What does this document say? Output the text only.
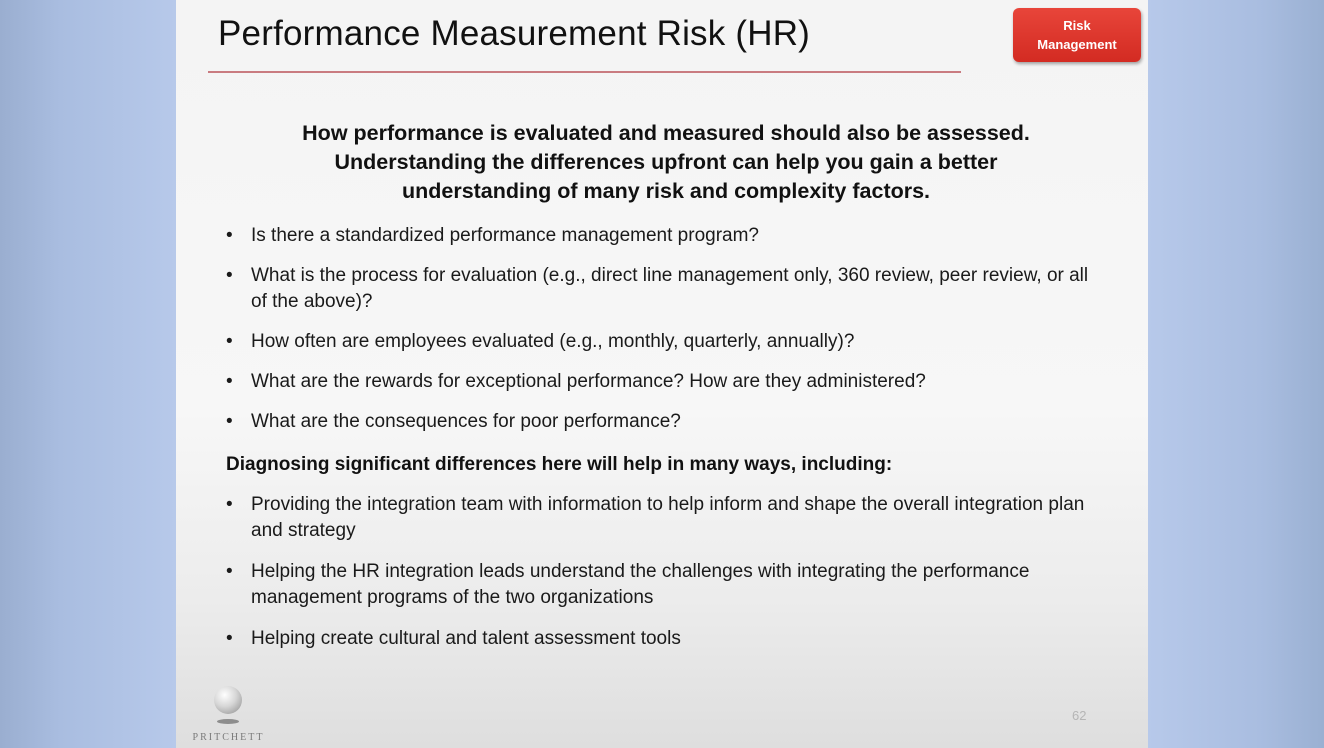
Performance Measurement Risk (HR)	Risk
Management
How performance is evaluated and measured should also be assessed.
Understanding the differences upfront can help you gain a better
understanding of many risk and complexity factors.
• Is there a standardized performance management program?
• What is the process for evaluation (e.g., direct line management only, 360 review, peer review, or all of the above)?
• How often are employees evaluated (e.g., monthly, quarterly, annually)?
• What are the rewards for exceptional performance? How are they administered?
• What are the consequences for poor performance?
Diagnosing significant differences here will help in many ways, including:
• Providing the integration team with information to help inform and shape the overall integration plan and strategy
• Helping the HR integration leads understand the challenges with integrating the performance management programs of the two organizations
• Helping create cultural and talent assessment tools
PRITCHETT
62
